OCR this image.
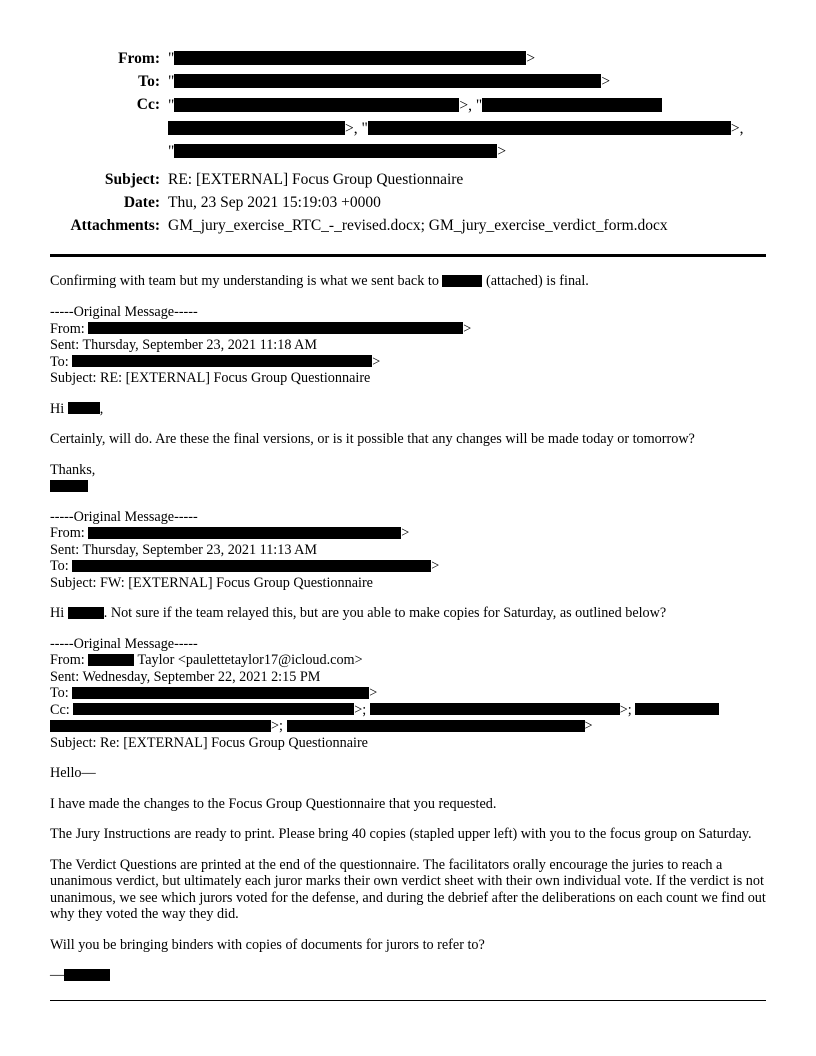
From: "	>
To: "	>
Cc: "	>, "
>, "	>,
"	>
Subject: RE: [EXTERNAL] Focus Group Questionnaire
Date: Thu, 23 Sep 2021 15:19:03 +0000
Attachments: GM_jury_exercise_RTC_-_revised.docx; GM_jury_exercise_verdict_form.docx

Confirming with team but my understanding is what we sent back to	(attached) is final.

-----Original Message-----

From:	>

Sent: Thursday, September 23, 2021 11:18 AM

To:	>

Subject: RE: [EXTERNAL] Focus Group Questionnaire

Hi ,

Certainly, will do. Are these the final versions, or is it possible that any changes will be made today or tomorrow?

Thanks,

-----Original Message-----

From:	>

Sent: Thursday, September 23, 2021 11:13 AM

To:	>

Subject: FW: [EXTERNAL] Focus Group Questionnaire

Hi	. Not sure if the team relayed this, but are you able to make copies for Saturday, as outlined below?

-----Original Message-----

From:	Taylor <paulettetaylor17@icloud.com>

Sent: Wednesday, September 22, 2021 2:15 PM

To:	>

Cc:	>;	>;
>;	>

Subject: Re: [EXTERNAL] Focus Group Questionnaire

Hello—

I have made the changes to the Focus Group Questionnaire that you requested.

The Jury Instructions are ready to print. Please bring 40 copies (stapled upper left) with you to the focus group on Saturday.

The Verdict Questions are printed at the end of the questionnaire. The facilitators orally encourage the juries to reach a unanimous verdict, but ultimately each juror marks their own verdict sheet with their own individual vote. If the verdict is not unanimous, we see which jurors voted for the defense, and during the debrief after the deliberations on each count we find out why they voted the way they did.

Will you be bringing binders with copies of documents for jurors to refer to?

—
